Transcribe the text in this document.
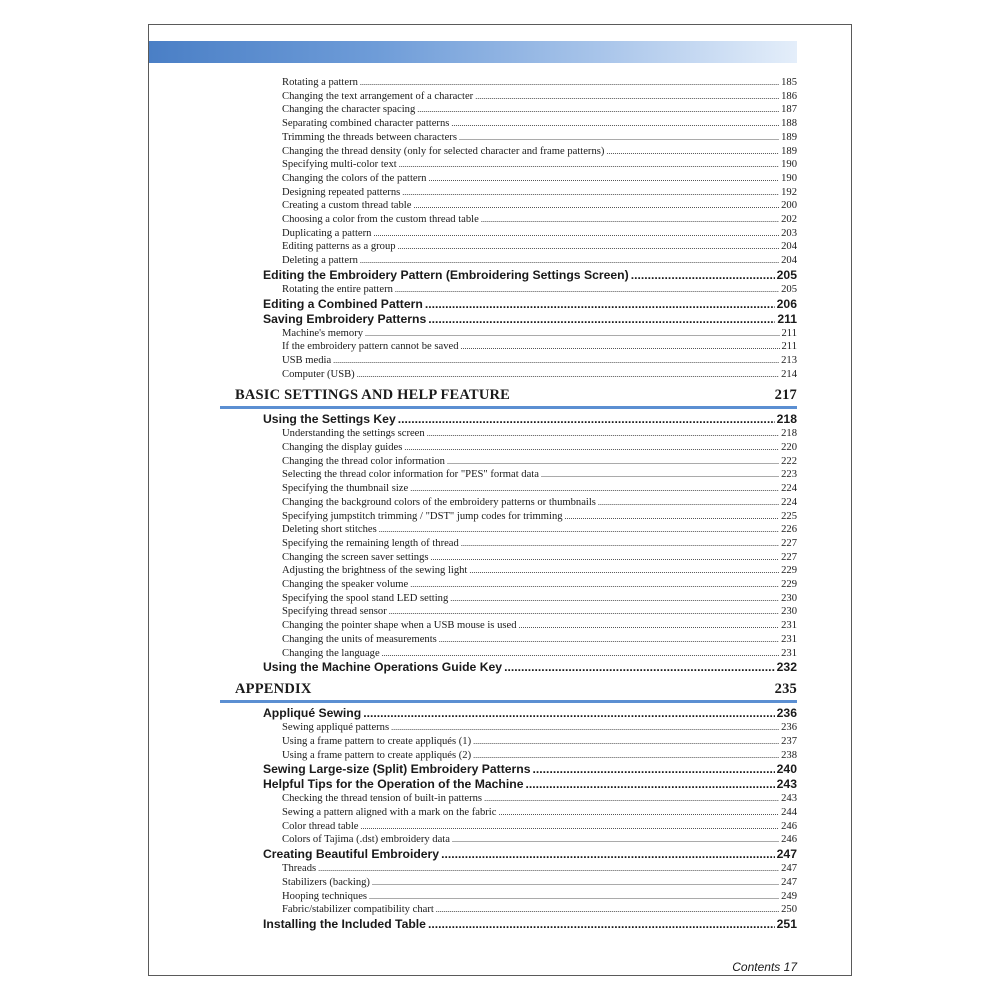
Rotating a pattern .....	185
Changing the text arrangement of a character .....	186
Changing the character spacing .....	187
Separating combined character patterns .....	188
Trimming the threads between characters .....	189
Changing the thread density (only for selected character and frame patterns) .....	189
Specifying multi-color text .....	190
Changing the colors of the pattern .....	190
Designing repeated patterns .....	192
Creating a custom thread table .....	200
Choosing a color from the custom thread table .....	202
Duplicating a pattern .....	203
Editing patterns as a group .....	204
Deleting a pattern .....	204
Editing the Embroidery Pattern (Embroidering Settings Screen) .....	205
Rotating the entire pattern .....	205
Editing a Combined Pattern .....	206
Saving Embroidery Patterns .....	211
Machine's memory .....	211
If the embroidery pattern cannot be saved .....	211
USB media .....	213
Computer (USB) .....	214
BASIC SETTINGS AND HELP FEATURE	217
Using the Settings Key .....	218
Understanding the settings screen .....	218
Changing the display guides .....	220
Changing the thread color information .....	222
Selecting the thread color information for "PES" format data .....	223
Specifying the thumbnail size .....	224
Changing the background colors of the embroidery patterns or thumbnails .....	224
Specifying jumpstitch trimming / "DST" jump codes for trimming .....	225
Deleting short stitches .....	226
Specifying the remaining length of thread .....	227
Changing the screen saver settings .....	227
Adjusting the brightness of the sewing light .....	229
Changing the speaker volume .....	229
Specifying the spool stand LED setting .....	230
Specifying thread sensor .....	230
Changing the pointer shape when a USB mouse is used .....	231
Changing the units of measurements .....	231
Changing the language .....	231
Using the Machine Operations Guide Key .....	232
APPENDIX	235
Appliqué Sewing .....	236
Sewing appliqué patterns .....	236
Using a frame pattern to create appliqués (1) .....	237
Using a frame pattern to create appliqués (2) .....	238
Sewing Large-size (Split) Embroidery Patterns .....	240
Helpful Tips for the Operation of the Machine .....	243
Checking the thread tension of built-in patterns .....	243
Sewing a pattern aligned with a mark on the fabric .....	244
Color thread table .....	246
Colors of Tajima (.dst) embroidery data .....	246
Creating Beautiful Embroidery .....	247
Threads .....	247
Stabilizers (backing) .....	247
Hooping techniques .....	249
Fabric/stabilizer compatibility chart .....	250
Installing the Included Table .....	251
Contents 17
